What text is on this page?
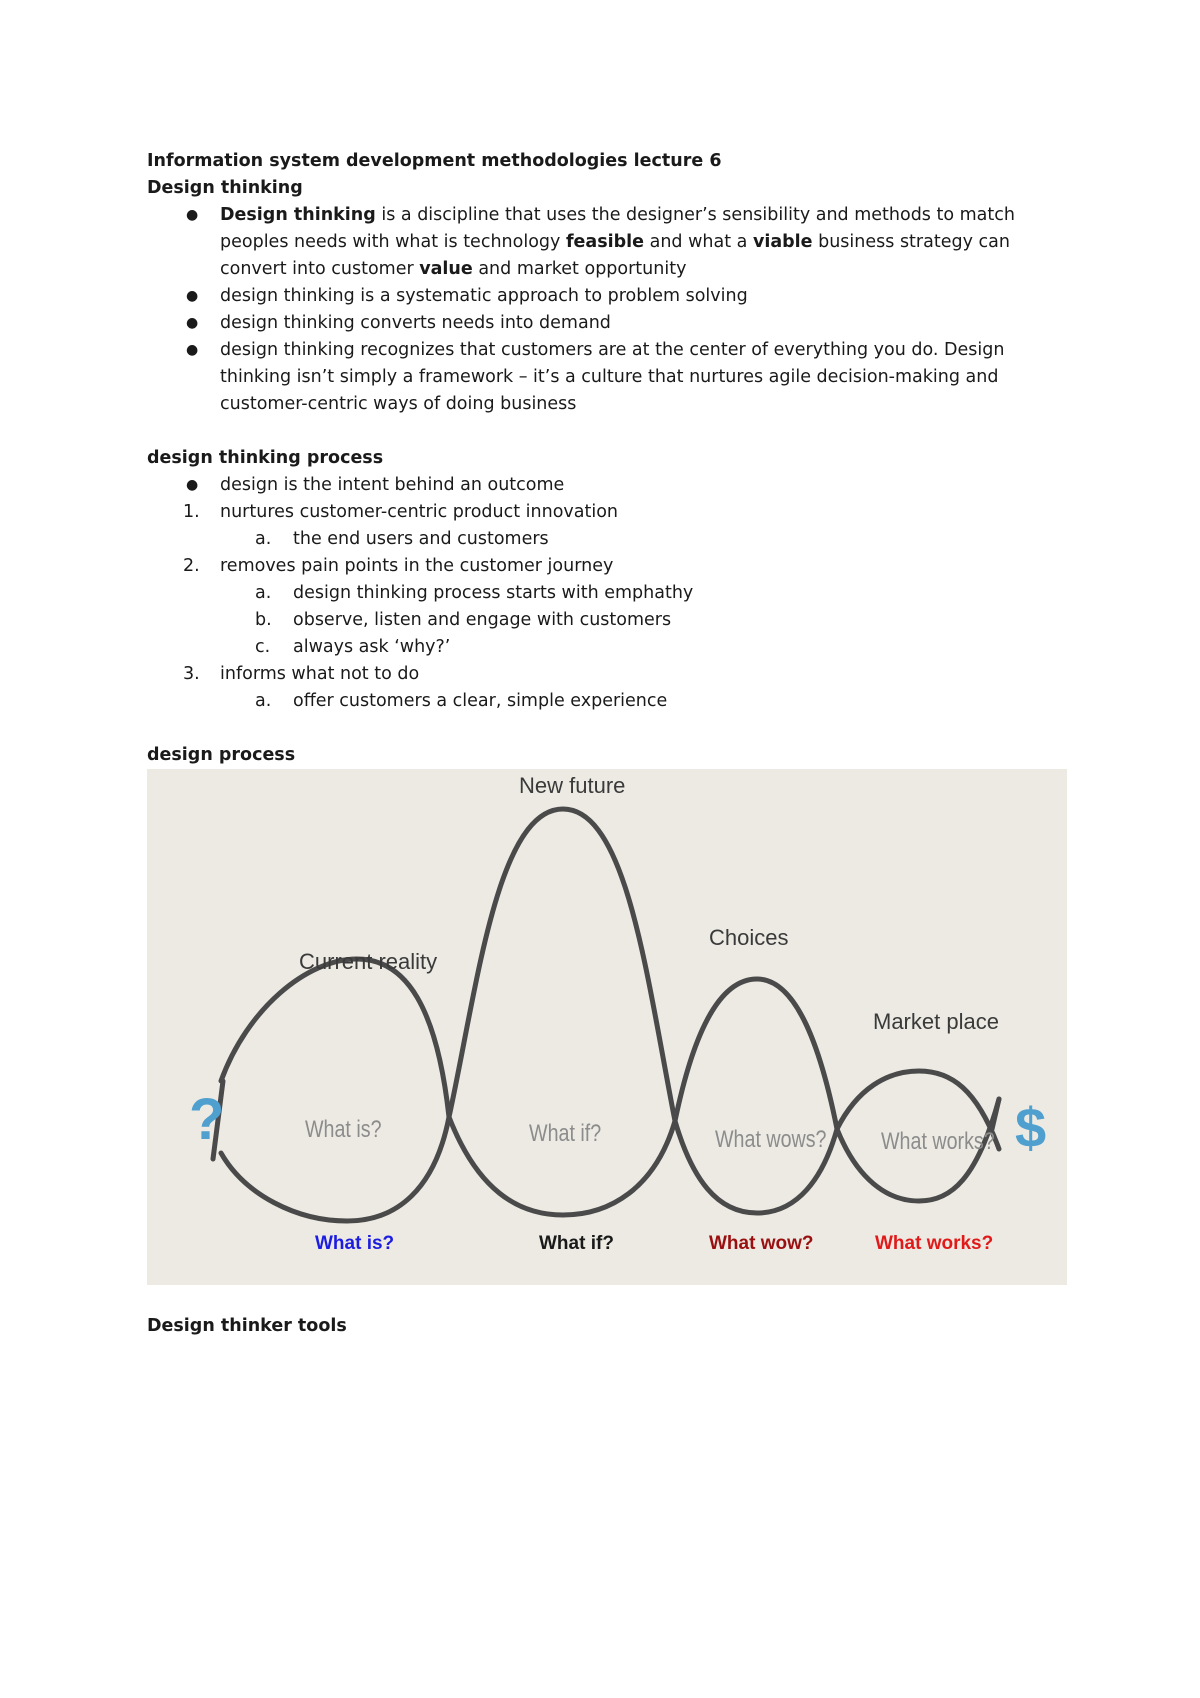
Information system development methodologies lecture 6

Design thinking

● Design thinking is a discipline that uses the designer’s sensibility and methods to match peoples needs with what is technology feasible and what a viable business strategy can convert into customer value and market opportunity
● design thinking is a systematic approach to problem solving
● design thinking converts needs into demand
● design thinking recognizes that customers are at the center of everything you do. Design thinking isn’t simply a framework – it’s a culture that nurtures agile decision-making and customer-centric ways of doing business

design thinking process

● design is the intent behind an outcome
1.	nurtures customer-centric product innovation
a.	the end users and customers
2.	removes pain points in the customer journey
a.	design thinking process starts with emphathy
b.	observe, listen and engage with customers
c.	always ask ‘why?’
3.	informs what not to do
a.	offer customers a clear, simple experience

design process

?	$
Current reality
New future
Choices
Market place
What is?	What if?	What wows? What works?
What is?	What if?	What wow?	What works?

Design thinker tools
